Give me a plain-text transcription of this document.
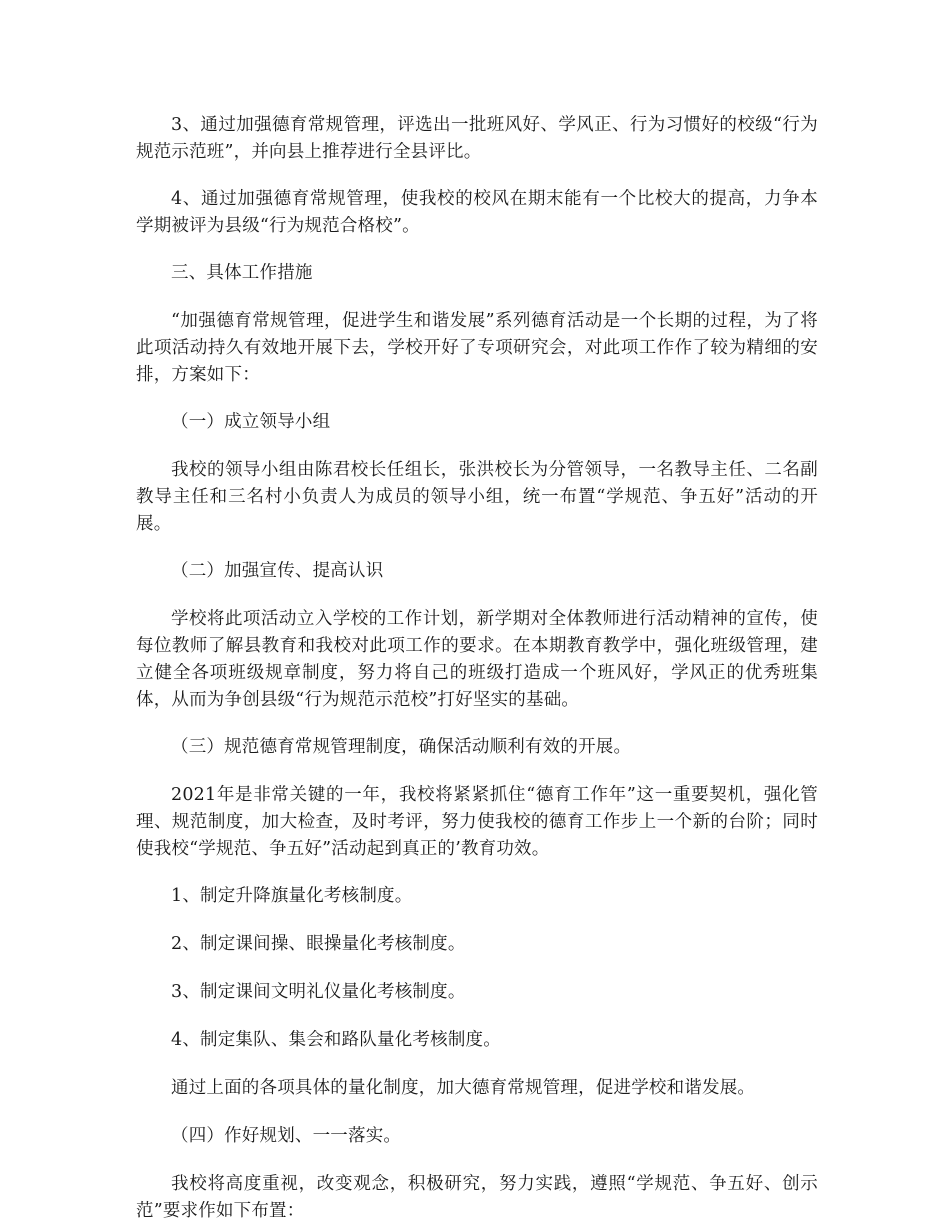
3、通过加强德育常规管理，评选出一批班风好、学风正、行为习惯好的校级“行为规范示范班”，并向县上推荐进行全县评比。

4、通过加强德育常规管理，使我校的校风在期末能有一个比校大的提高，力争本学期被评为县级“行为规范合格校”。

三、具体工作措施

“加强德育常规管理，促进学生和谐发展”系列德育活动是一个长期的过程，为了将此项活动持久有效地开展下去，学校开好了专项研究会，对此项工作作了较为精细的安排，方案如下：

（一）成立领导小组

我校的领导小组由陈君校长任组长，张洪校长为分管领导，一名教导主任、二名副教导主任和三名村小负责人为成员的领导小组，统一布置“学规范、争五好”活动的开展。

（二）加强宣传、提高认识

学校将此项活动立入学校的工作计划，新学期对全体教师进行活动精神的宣传，使每位教师了解县教育和我校对此项工作的要求。在本期教育教学中，强化班级管理，建立健全各项班级规章制度，努力将自己的班级打造成一个班风好，学风正的优秀班集体，从而为争创县级“行为规范示范校”打好坚实的基础。

（三）规范德育常规管理制度，确保活动顺利有效的开展。

2021年是非常关键的一年，我校将紧紧抓住“德育工作年”这一重要契机，强化管理、规范制度，加大检查，及时考评，努力使我校的德育工作步上一个新的台阶；同时使我校“学规范、争五好”活动起到真正的’教育功效。

1、制定升降旗量化考核制度。

2、制定课间操、眼操量化考核制度。

3、制定课间文明礼仪量化考核制度。

4、制定集队、集会和路队量化考核制度。

通过上面的各项具体的量化制度，加大德育常规管理，促进学校和谐发展。

（四）作好规划、一一落实。

我校将高度重视，改变观念，积极研究，努力实践，遵照“学规范、争五好、创示范”要求作如下布置：
